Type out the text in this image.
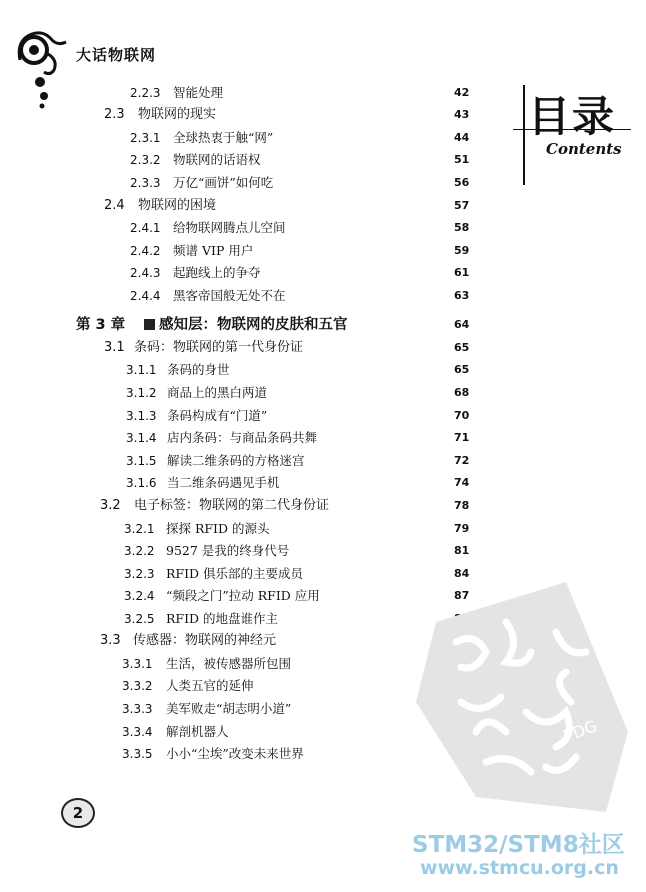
大话物联网
目录
Contents
2.2.3 智能处理	42
2.3 物联网的现实	43
2.3.1 全球热衷于触“网”	44
2.3.2 物联网的话语权	51
2.3.3 万亿“画饼”如何吃	56
2.4 物联网的困境	57
2.4.1 给物联网腾点儿空间	58
2.4.2 频谱 VIP 用户	59
2.4.3 起跑线上的争夺	61
2.4.4 黑客帝国般无处不在	63
第 3 章	感知层：物联网的皮肤和五官	64
3.1 条码：物联网的第一代身份证	65
3.1.1 条码的身世	65
3.1.2 商品上的黑白两道	68
3.1.3 条码构成有“门道”	70
3.1.4 店内条码：与商品条码共舞	71
3.1.5 解读二维条码的方格迷宫	72
3.1.6 当二维条码遇见手机	74
3.2 电子标签：物联网的第二代身份证	78
3.2.1 探探 RFID 的源头	79
3.2.2 9527 是我的终身代号	81
3.2.3 RFID 俱乐部的主要成员	84
3.2.4 “频段之门”拉动 RFID 应用	87
3.2.5 RFID 的地盘谁作主
3.3 传感器：物联网的神经元
3.3.1 生活，被传感器所包围
3.3.2 人类五官的延伸
3.3.3 美军败走“胡志明小道”
3.3.4 解剖机器人
3.3.5 小小“尘埃”改变未来世界
PDG
2
STM32/STM8社区
www.stmcu.org.cn
